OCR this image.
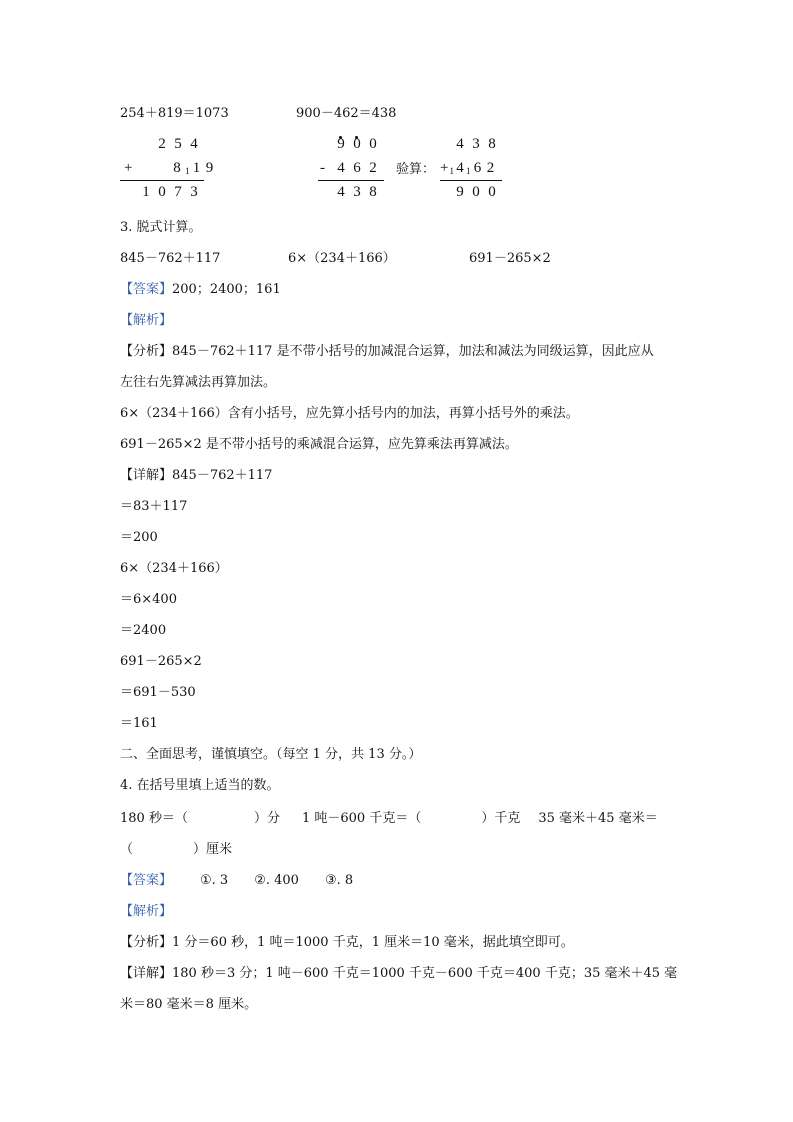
254＋819＝1073	900－462＝438
2 5 4
+	8 1 1 9
1 0 7 3
9 0 0
- 4 6 2
4 3 8
验算：
4 3 8
+1 4 1 6 2
9 0 0
3. 脱式计算。
845－762＋117	6×（234＋166）	691－265×2
【答案】200；2400；161
【解析】
【分析】845－762＋117 是不带小括号的加减混合运算，加法和减法为同级运算，因此应从
左往右先算减法再算加法。
6×（234＋166）含有小括号，应先算小括号内的加法，再算小括号外的乘法。
691－265×2 是不带小括号的乘减混合运算，应先算乘法再算减法。
【详解】845－762＋117
＝83＋117
＝200
6×（234＋166）
＝6×400
＝2400
691－265×2
＝691－530
＝161
二、全面思考，谨慎填空。（每空 1 分，共 13 分。）
4. 在括号里填上适当的数。
180 秒＝（	）分 1 吨－600 千克＝（	）千克 35 毫米＋45 毫米＝
（	）厘米
【答案】 ①. 3 ②. 400 ③. 8
【解析】
【分析】1 分＝60 秒，1 吨＝1000 千克，1 厘米＝10 毫米，据此填空即可。
【详解】180 秒＝3 分；1 吨－600 千克＝1000 千克－600 千克＝400 千克；35 毫米＋45 毫
米＝80 毫米＝8 厘米。
